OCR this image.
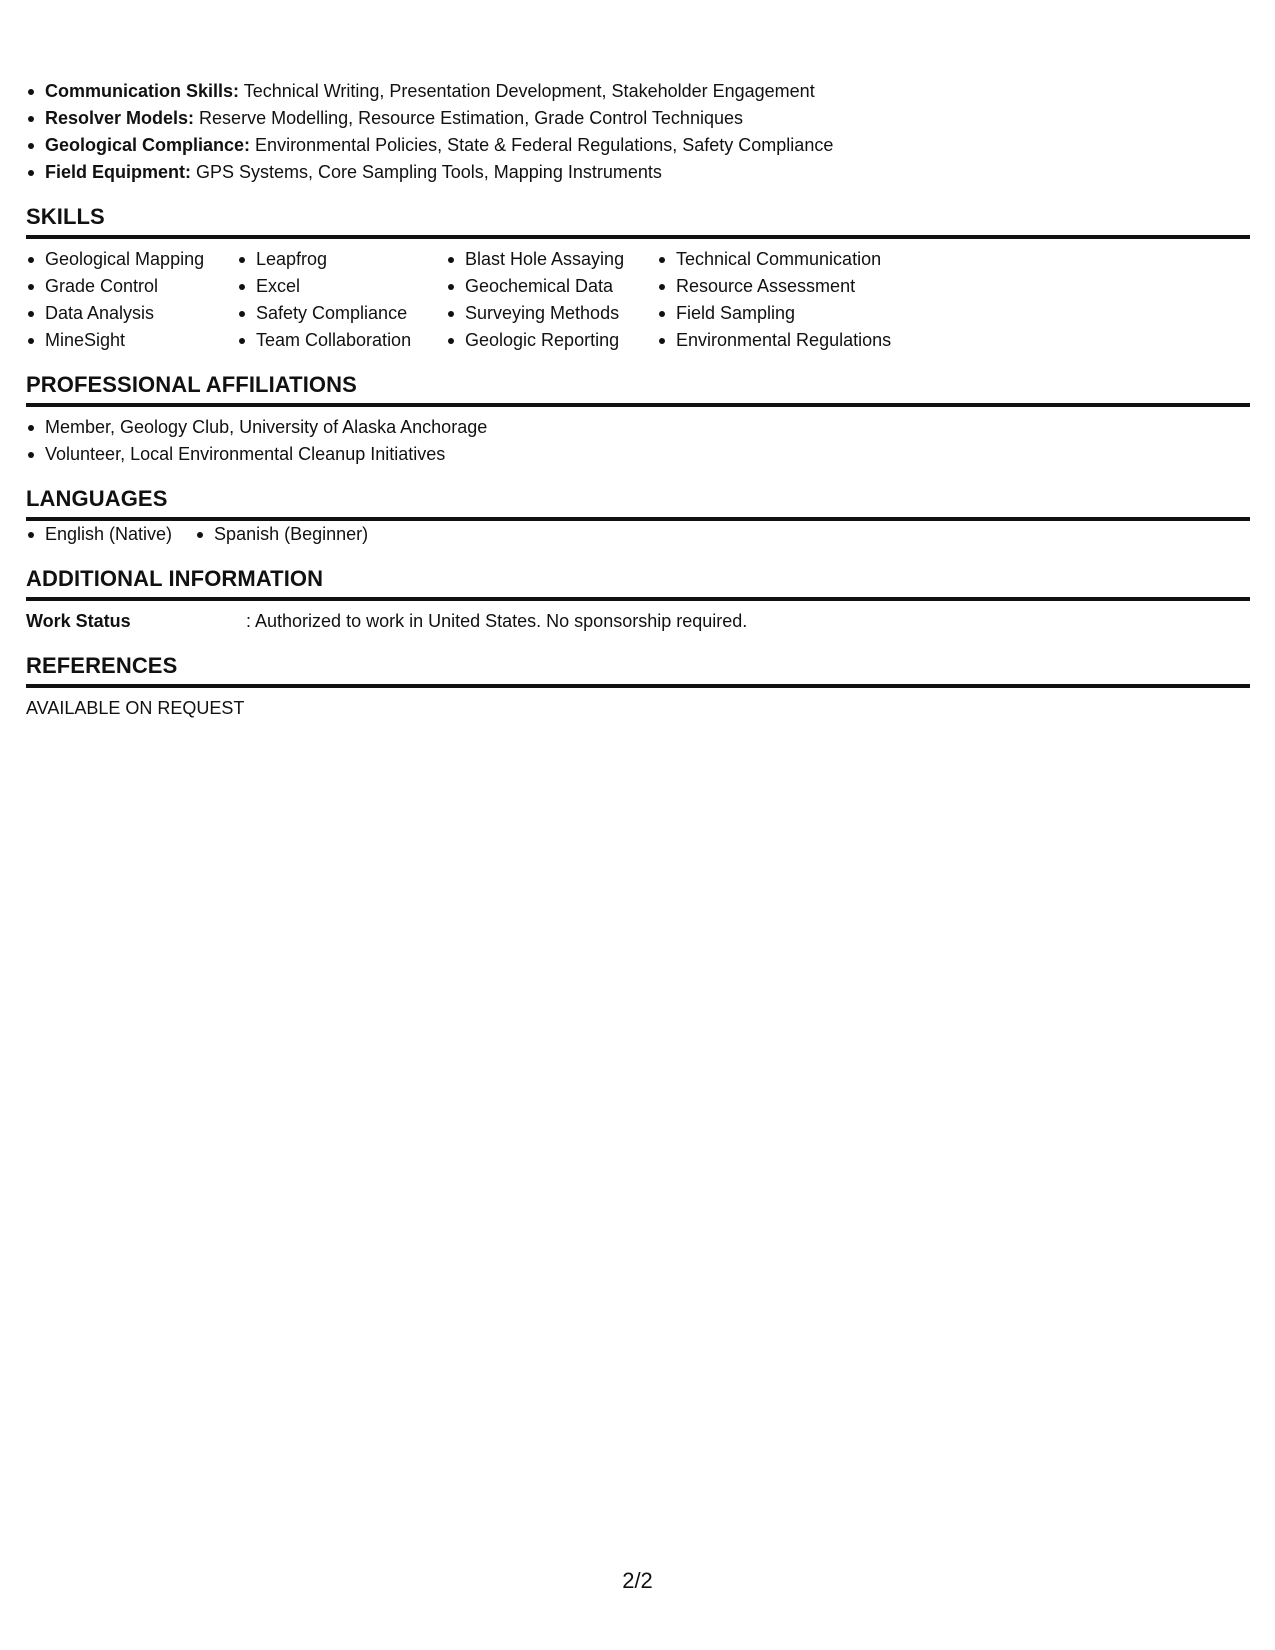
Communication Skills: Technical Writing, Presentation Development, Stakeholder Engagement
Resolver Models: Reserve Modelling, Resource Estimation, Grade Control Techniques
Geological Compliance: Environmental Policies, State & Federal Regulations, Safety Compliance
Field Equipment: GPS Systems, Core Sampling Tools, Mapping Instruments
SKILLS
Geological Mapping
Grade Control
Data Analysis
MineSight
Leapfrog
Excel
Safety Compliance
Team Collaboration
Blast Hole Assaying
Geochemical Data
Surveying Methods
Geologic Reporting
Technical Communication
Resource Assessment
Field Sampling
Environmental Regulations
PROFESSIONAL AFFILIATIONS
Member, Geology Club, University of Alaska Anchorage
Volunteer, Local Environmental Cleanup Initiatives
LANGUAGES
English (Native)	Spanish (Beginner)
ADDITIONAL INFORMATION
Work Status	: Authorized to work in United States. No sponsorship required.
REFERENCES
AVAILABLE ON REQUEST
2/2
